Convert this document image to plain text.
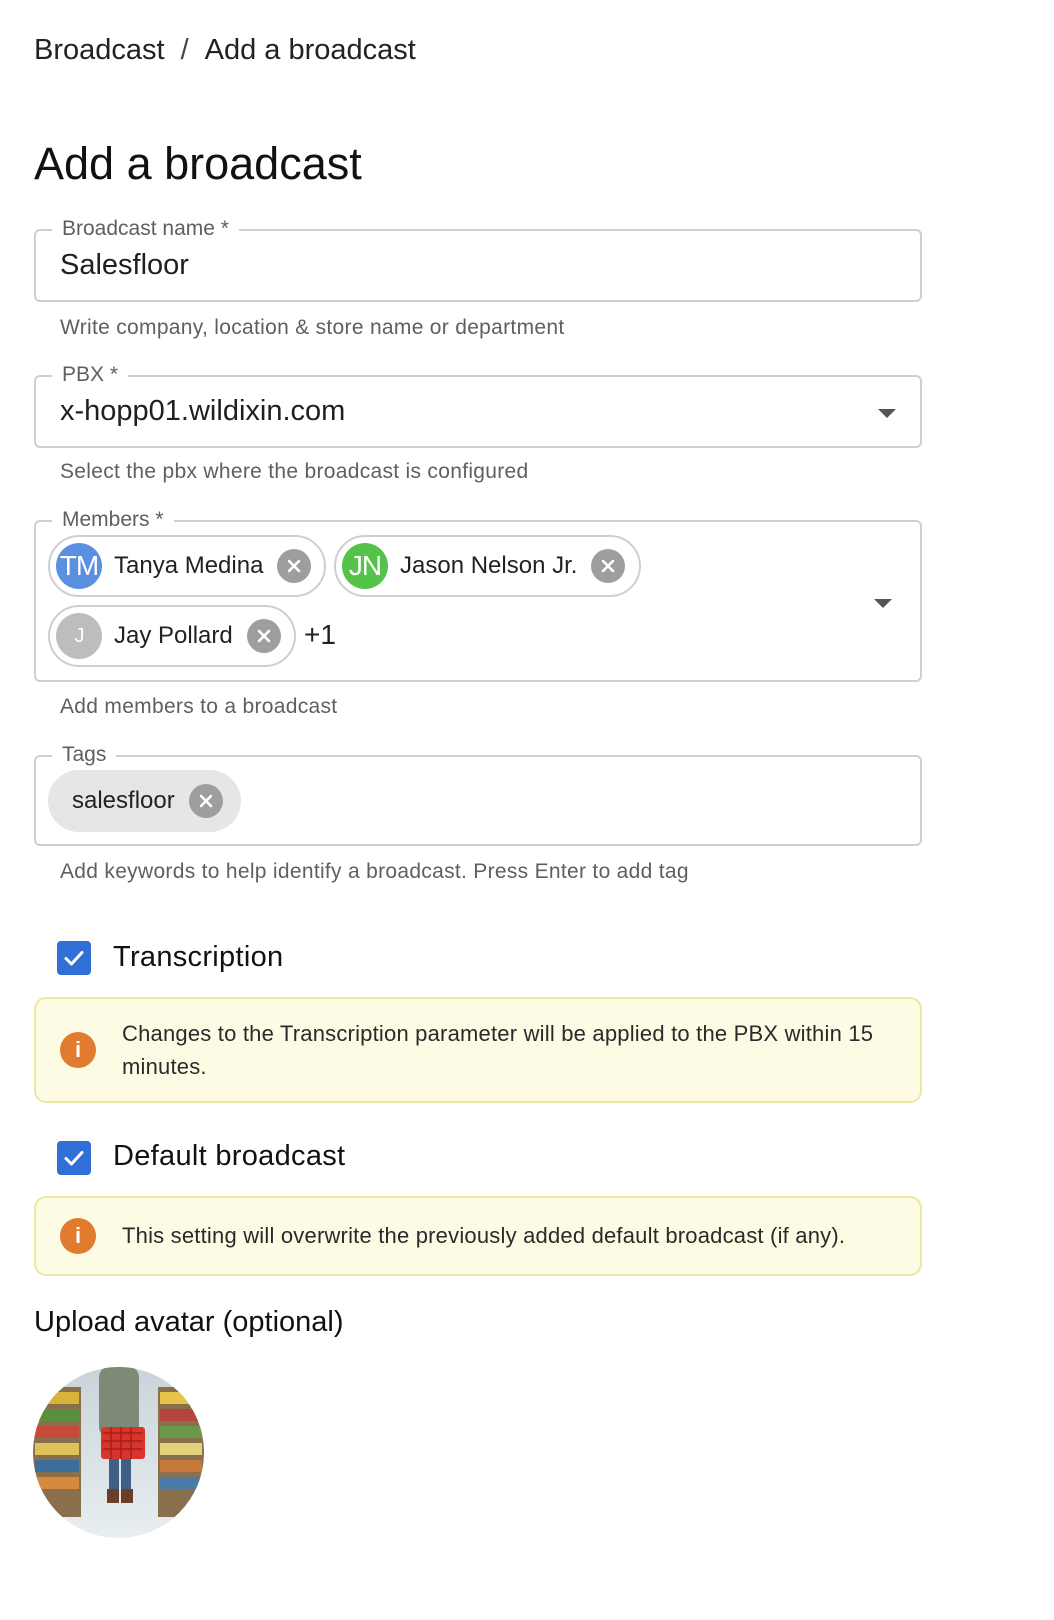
Broadcast / Add a broadcast
Add a broadcast
Broadcast name *
Salesfloor
Write company, location & store name or department
PBX *
x-hopp01.wildixin.com
Select the pbx where the broadcast is configured
Members *
TM Tanya Medina	JN Jason Nelson Jr.
J	Jay Pollard	+1
Add members to a broadcast
Tags
salesfloor
Add keywords to help identify a broadcast. Press Enter to add tag
Transcription
i
Changes to the Transcription parameter will be applied to the PBX within 15 minutes.
Default broadcast
i	This setting will overwrite the previously added default broadcast (if any).
Upload avatar (optional)
